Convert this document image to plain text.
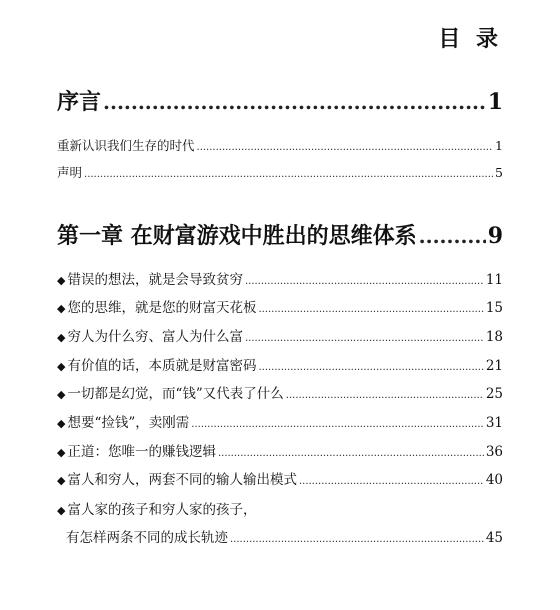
目 录
序言 .....	1
重新认识我们生存的时代 .....	1
声明 .....	5
第一章 在财富游戏中胜出的思维体系 .....	9
◆ 错误的想法，就是会导致贫穷 .....	11
◆ 您的思维，就是您的财富天花板 .....	15
◆ 穷人为什么穷、富人为什么富 .....	18
◆ 有价值的话，本质就是财富密码 .....	21
◆ 一切都是幻觉，而“钱”又代表了什么 .....	25
◆ 想要“捡钱”，卖刚需 .....	31
◆ 正道：您唯一的赚钱逻辑 .....	36
◆ 富人和穷人，两套不同的输人输出模式 .....	40
◆ 富人家的孩子和穷人家的孩子，
有怎样两条不同的成长轨迹 .....	45
